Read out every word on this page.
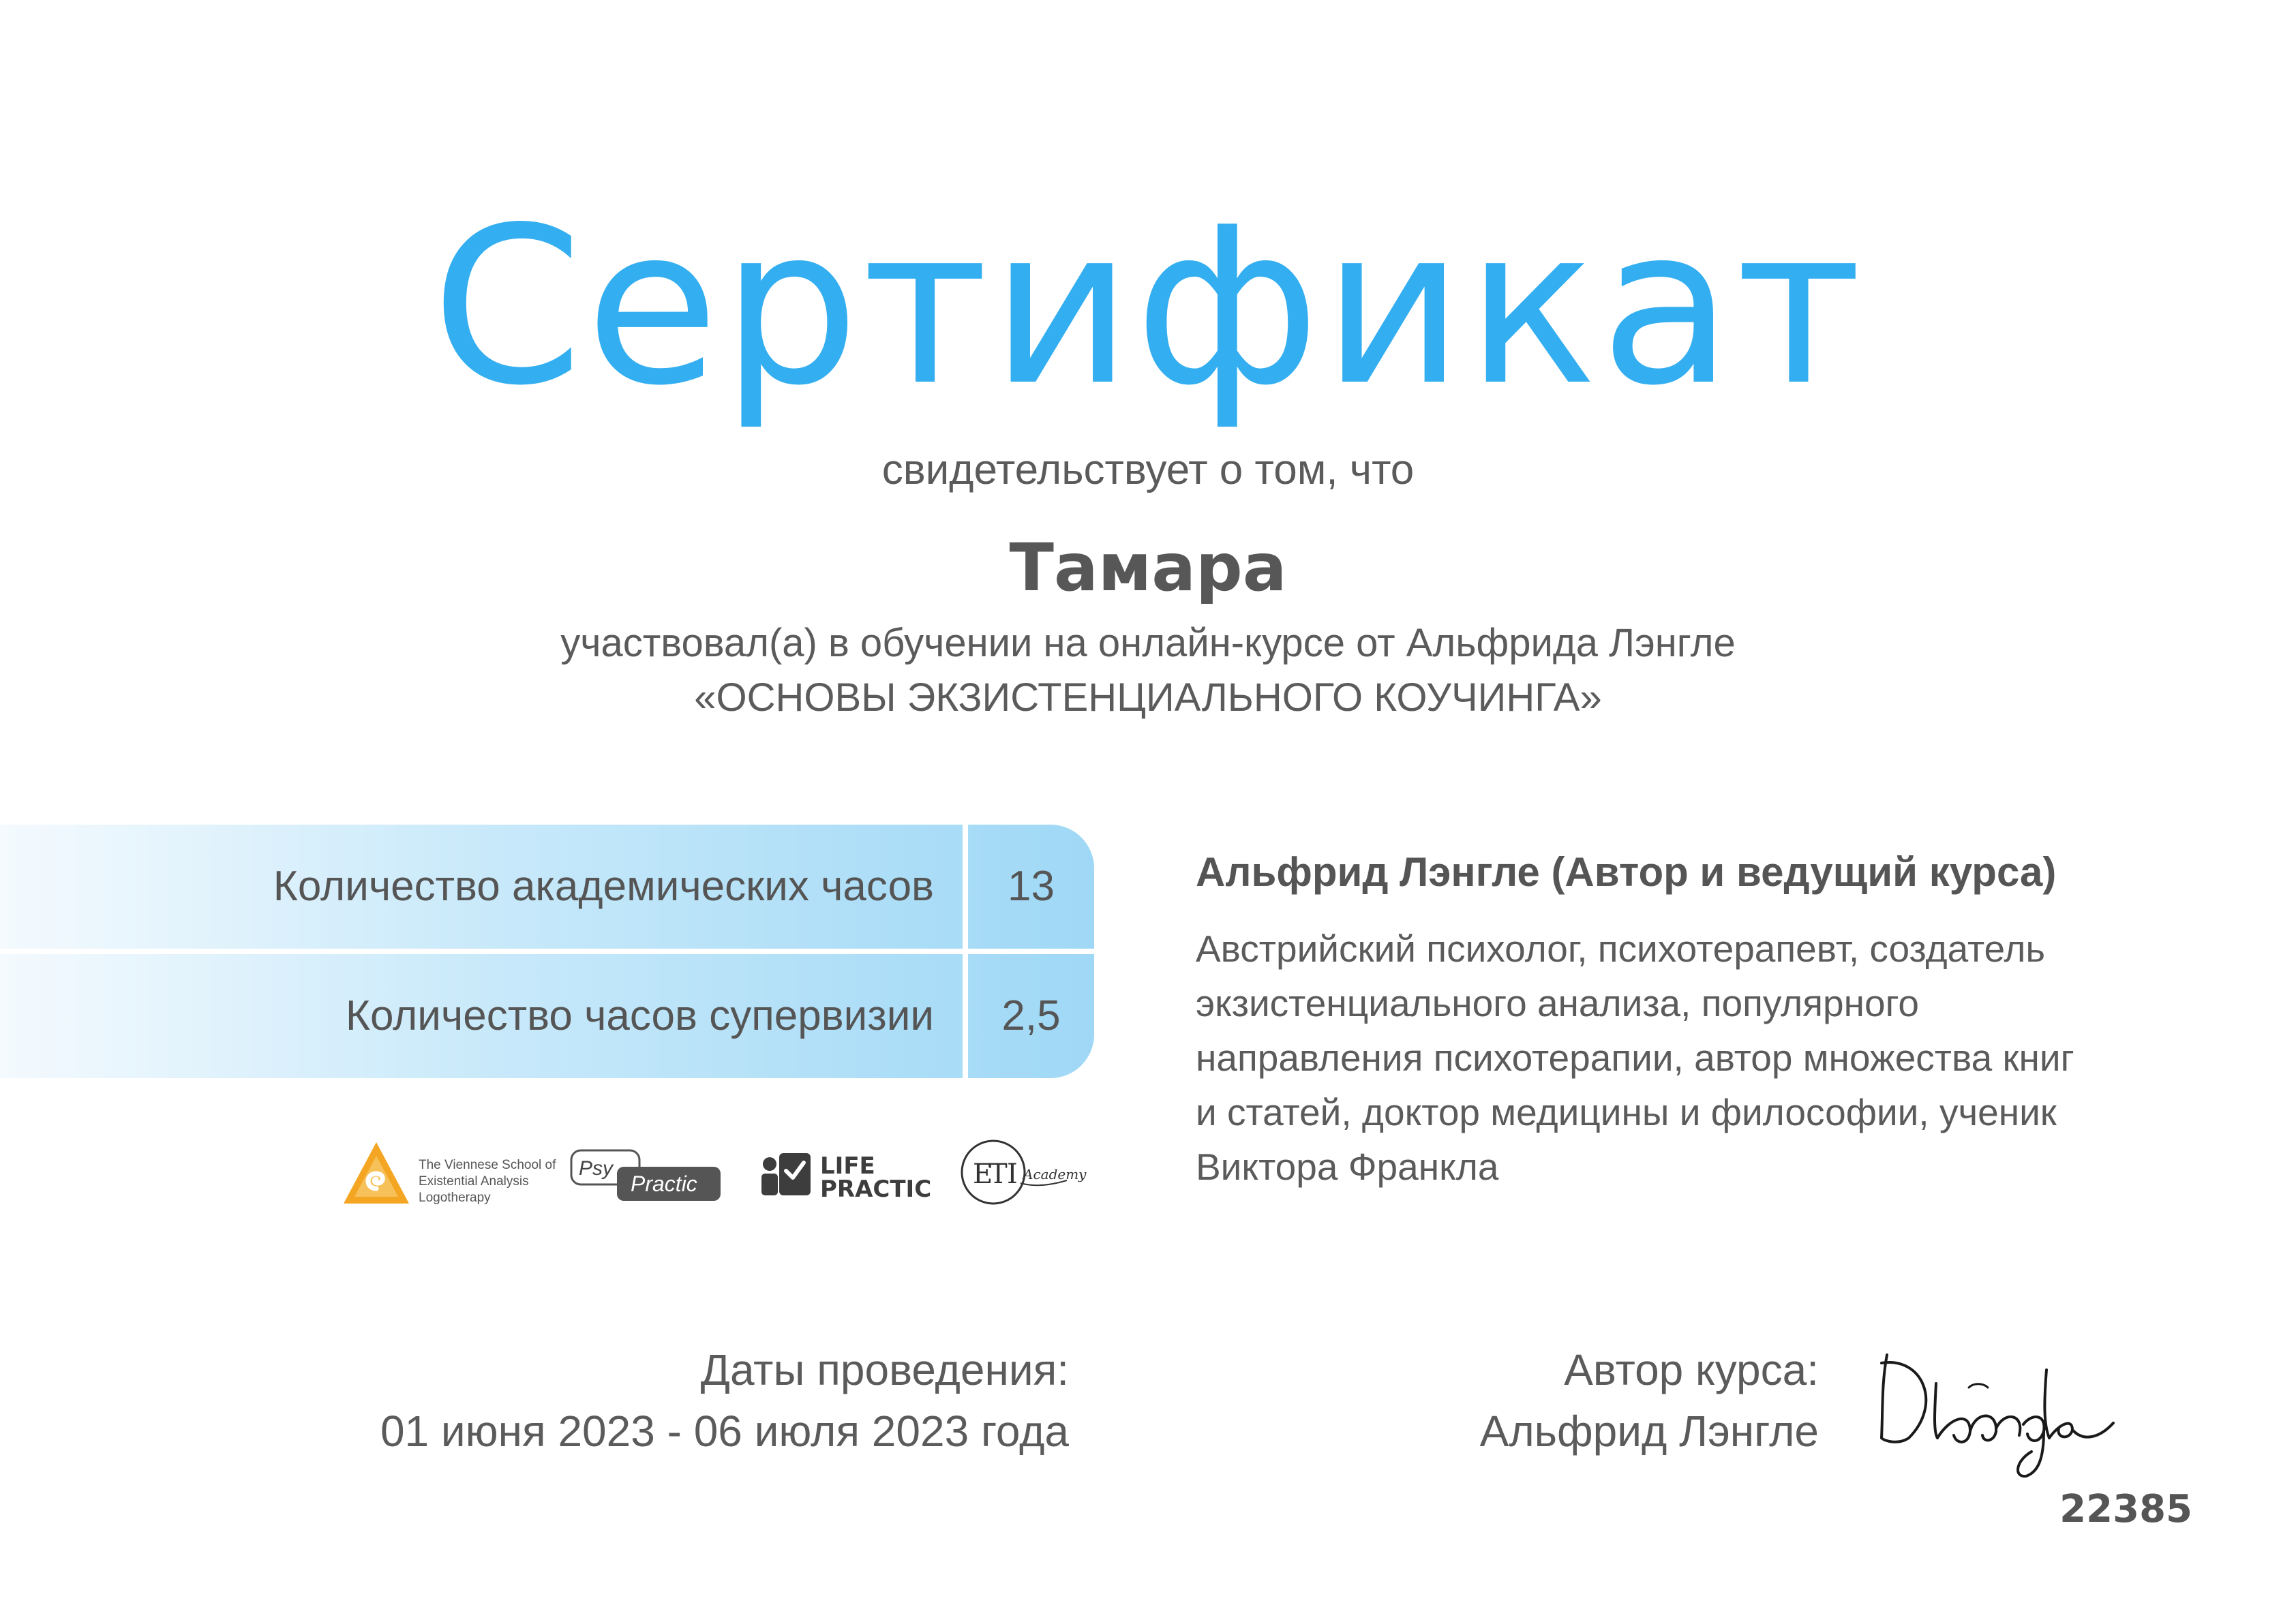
Сертификат
свидетельствует о том, что
Тамара
участвовал(а) в обучении на онлайн-курсе от Альфрида Лэнгле
«ОСНОВЫ ЭКЗИСТЕНЦИАЛЬНОГО КОУЧИНГА»
Количество академических часов	13
Количество часов супервизии	2,5
Альфрид Лэнгле (Автор и ведущий курса)
Австрийский психолог, психотерапевт, создатель
экзистенциального анализа, популярного
направления психотерапии, автор множества книг
и статей, доктор медицины и философии, ученик
Виктора Франкла
The Viennese School of
Existential Analysis
Logotherapy
Psy
Practic
LIFE
PRACTIC E
T I Academy
Даты проведения:
01 июня 2023 - 06 июля 2023 года
Автор курса:
Альфрид Лэнгле
22385
